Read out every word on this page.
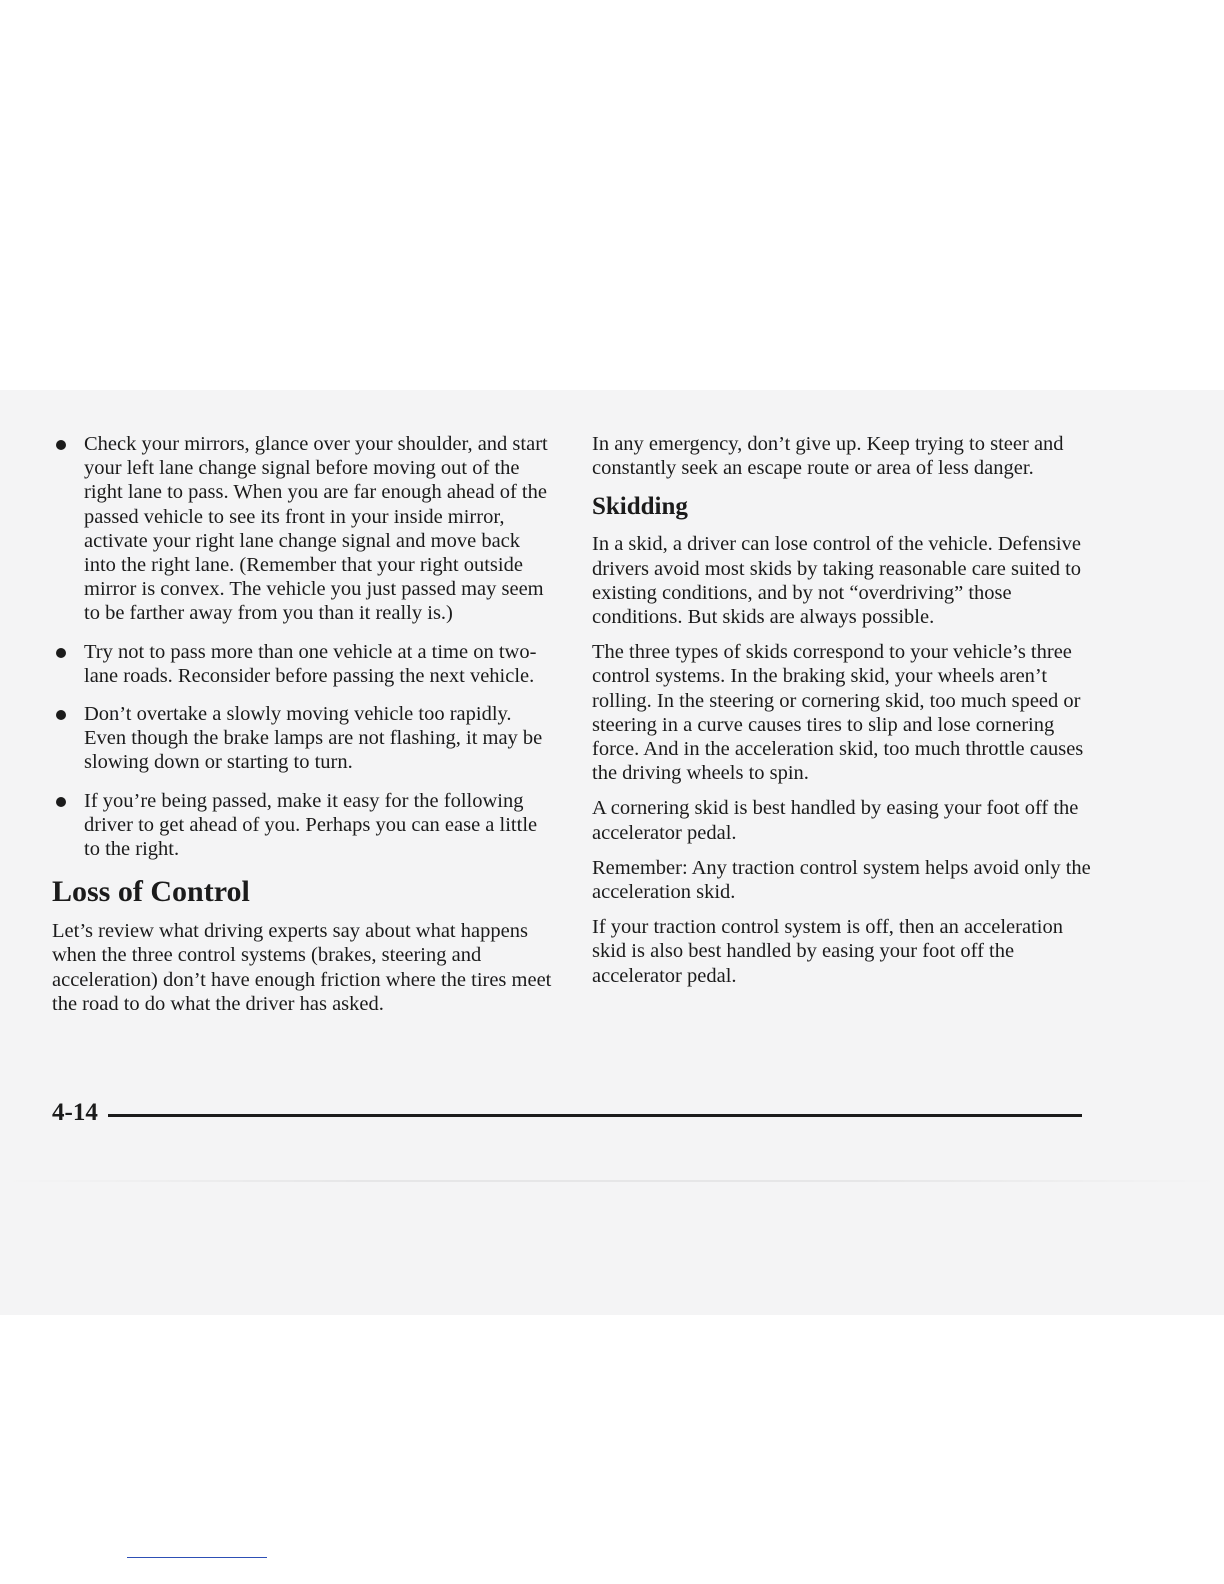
Check your mirrors, glance over your shoulder, and start your left lane change signal before moving out of the right lane to pass. When you are far enough ahead of the passed vehicle to see its front in your inside mirror, activate your right lane change signal and move back into the right lane. (Remember that your right outside mirror is convex. The vehicle you just passed may seem to be farther away from you than it really is.)
Try not to pass more than one vehicle at a time on two-lane roads. Reconsider before passing the next vehicle.
Don’t overtake a slowly moving vehicle too rapidly. Even though the brake lamps are not flashing, it may be slowing down or starting to turn.
If you’re being passed, make it easy for the following driver to get ahead of you. Perhaps you can ease a little to the right.
Loss of Control

Let’s review what driving experts say about what happens when the three control systems (brakes, steering and acceleration) don’t have enough friction where the tires meet the road to do what the driver has asked.

In any emergency, don’t give up. Keep trying to steer and constantly seek an escape route or area of less danger.

Skidding

In a skid, a driver can lose control of the vehicle. Defensive drivers avoid most skids by taking reasonable care suited to existing conditions, and by not “overdriving” those conditions. But skids are always possible.

The three types of skids correspond to your vehicle’s three control systems. In the braking skid, your wheels aren’t rolling. In the steering or cornering skid, too much speed or steering in a curve causes tires to slip and lose cornering force. And in the acceleration skid, too much throttle causes the driving wheels to spin.

A cornering skid is best handled by easing your foot off the accelerator pedal.

Remember: Any traction control system helps avoid only the acceleration skid.

If your traction control system is off, then an acceleration skid is also best handled by easing your foot off the accelerator pedal.

4-14
